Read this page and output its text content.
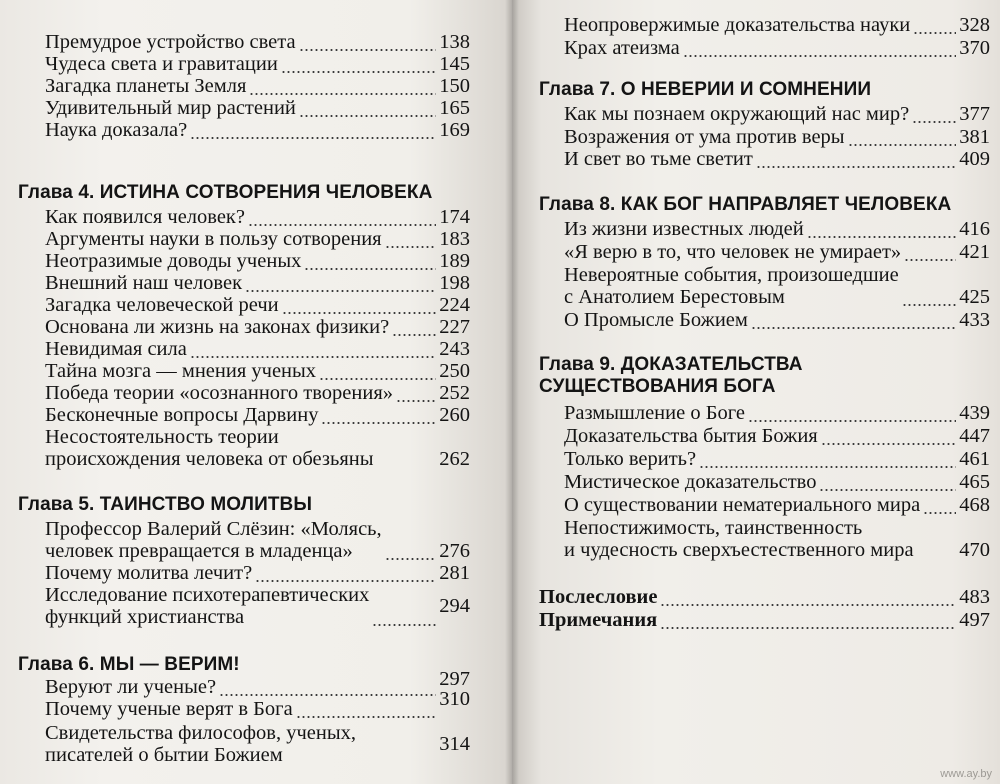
Премудрое устройство света	138
Чудеса света и гравитации	145
Загадка планеты Земля	150
Удивительный мир растений	165
Наука доказала?	169
Глава 4. ИСТИНА СОТВОРЕНИЯ ЧЕЛОВЕКА
Как появился человек?	174
Аргументы науки в пользу сотворения	183
Неотразимые доводы ученых	189
Внешний наш человек	198
Загадка человеческой речи	224
Основана ли жизнь на законах физики? 227
Невидимая сила	243
Тайна мозга — мнения ученых	250
Победа теории «осознанного творения» 252
Бесконечные вопросы Дарвину	260
Несостоятельность теории
происхождения человека от обезьяны	262
Глава 5. ТАИНСТВО МОЛИТВЫ
Профессор Валерий Слёзин: «Молясь,
человек превращается в младенца»	276
Почему молитва лечит?	281
Исследование психотерапевтических
функций христианства	294
Глава 6. МЫ — ВЕРИМ!
Веруют ли ученые?	297
Почему ученые верят в Бога	310
Свидетельства философов, ученых,
писателей о бытии Божием	314
Неопровержимые доказательства науки 328
Крах атеизма	370
Глава 7. О НЕВЕРИИ И СОМНЕНИИ
Как мы познаем окружающий нас мир? 377
Возражения от ума против веры	381
И свет во тьме светит	409
Глава 8. КАК БОГ НАПРАВЛЯЕТ ЧЕЛОВЕКА
Из жизни известных людей	416
«Я верю в то, что человек не умирает»	421
Невероятные события, произошедшие
с Анатолием Берестовым	425
О Промысле Божием	433
Глава 9. ДОКАЗАТЕЛЬСТВА
СУЩЕСТВОВАНИЯ БОГА
Размышление о Боге	439
Доказательства бытия Божия	447
Только верить?	461
Мистическое доказательство	465
О существовании нематериального мира 468
Непостижимость, таинственность
и чудесность сверхъестественного мира 470
Послесловие	483
Примечания	497
www.ay.by
